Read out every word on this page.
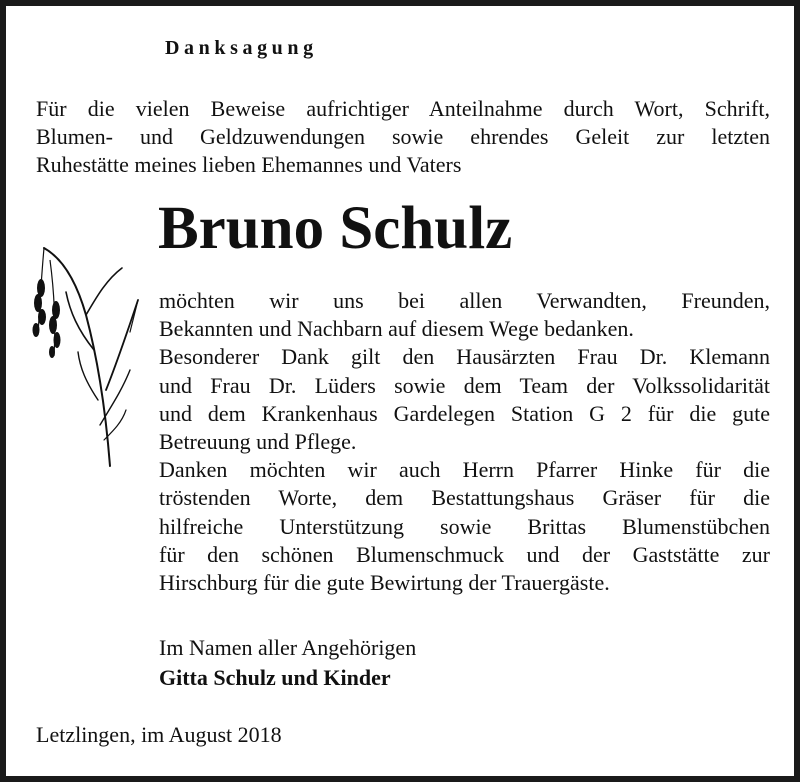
Danksagung
Für die vielen Beweise aufrichtiger Anteilnahme durch Wort, Schrift,
Blumen- und Geldzuwendungen sowie ehrendes Geleit zur letzten
Ruhestätte meines lieben Ehemannes und Vaters
Bruno Schulz
möchten wir uns bei allen Verwandten, Freunden,
Bekannten und Nachbarn auf diesem Wege bedanken.
Besonderer Dank gilt den Hausärzten Frau Dr. Klemann
und Frau Dr. Lüders sowie dem Team der Volkssolidarität
und dem Krankenhaus Gardelegen Station G 2 für die gute
Betreuung und Pflege.
Danken möchten wir auch Herrn Pfarrer Hinke für die
tröstenden Worte, dem Bestattungshaus Gräser für die
hilfreiche Unterstützung sowie Brittas Blumenstübchen
für den schönen Blumenschmuck und der Gaststätte zur
Hirschburg für die gute Bewirtung der Trauergäste.
Im Namen aller Angehörigen
Gitta Schulz und Kinder
Letzlingen, im August 2018
